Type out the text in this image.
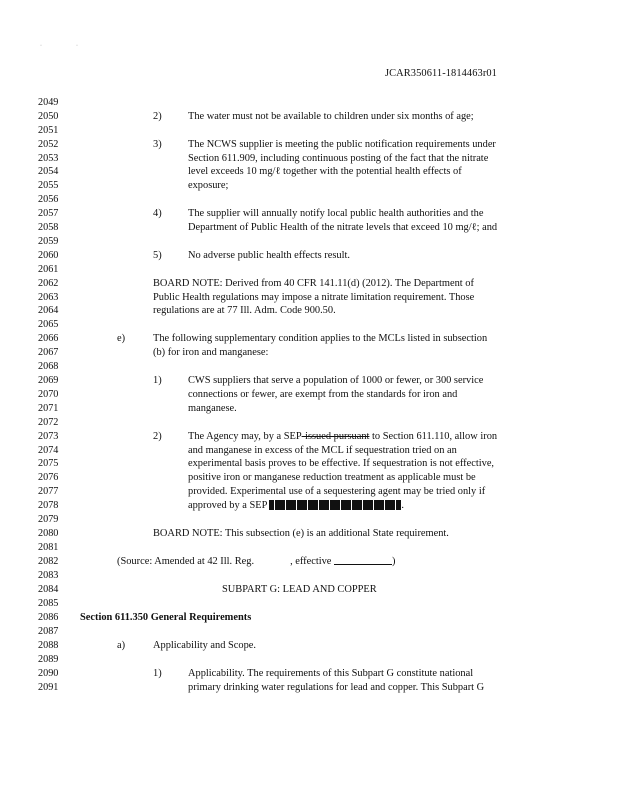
·	·
JCAR350611-1814463r01
2049
2050
2051
2052
2053
2054
2055
2056
2057
2058
2059
2060
2061
2062
2063
2064
2065
2066
2067
2068
2069
2070
2071
2072
2073
2074
2075
2076
2077
2078
2079
2080
2081
2082
2083
2084
2085
2086
2087
2088
2089
2090
2091
2)	The water must not be available to children under six months of age;
3)	The NCWS supplier is meeting the public notification requirements under
Section 611.909, including continuous posting of the fact that the nitrate
level exceeds 10 mg/ℓ together with the potential health effects of
exposure;
4)	The supplier will annually notify local public health authorities and the
Department of Public Health of the nitrate levels that exceed 10 mg/ℓ; and
5)	No adverse public health effects result.
BOARD NOTE: Derived from 40 CFR 141.11(d) (2012). The Department of
Public Health regulations may impose a nitrate limitation requirement. Those
regulations are at 77 Ill. Adm. Code 900.50.
e)	The following supplementary condition applies to the MCLs listed in subsection
(b) for iron and manganese:
1)	CWS suppliers that serve a population of 1000 or fewer, or 300 service
connections or fewer, are exempt from the standards for iron and
manganese.
2)	The Agency may, by a SEP-issued pursuant to Section 611.110, allow iron
and manganese in excess of the MCL if sequestration tried on an
experimental basis proves to be effective. If sequestration is not effective,
positive iron or manganese reduction treatment as applicable must be
provided. Experimental use of a sequestering agent may be tried only if
approved by a SEP	.
BOARD NOTE: This subsection (e) is an additional State requirement.
(Source: Amended at 42 Ill. Reg.	, effective	)
SUBPART G: LEAD AND COPPER
Section 611.350 General Requirements
a)	Applicability and Scope.
1)	Applicability. The requirements of this Subpart G constitute national
primary drinking water regulations for lead and copper. This Subpart G
